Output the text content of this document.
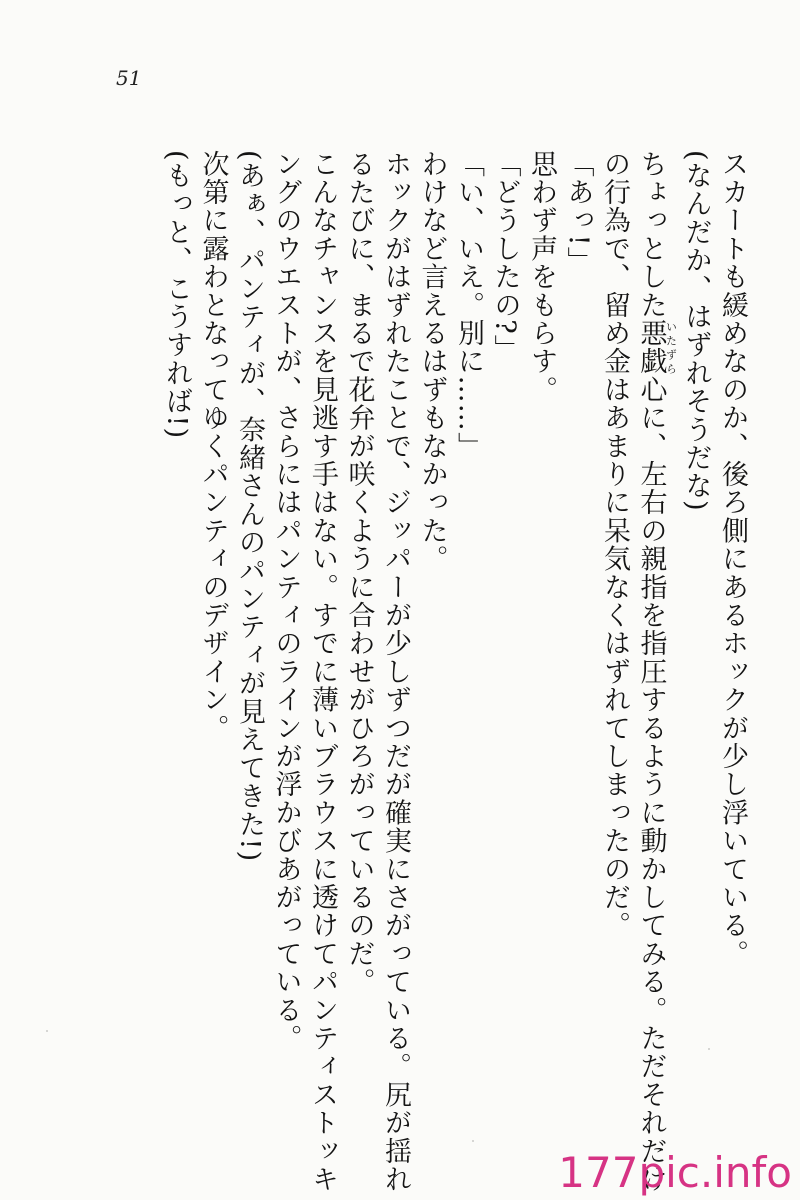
51
スカートも緩めなのか、後ろ側にあるホックが少し浮いている。
(なんだか、はずれそうだな)
ちょっとした悪戯いたずら心に、左右の親指を指圧するように動かしてみる。ただそれだけ
の行為で、留め金はあまりに呆気なくはずれてしまったのだ。
「あっ!」
思わず声をもらす。
「どうしたの?」
「い、いえ。別に……」
わけなど言えるはずもなかった。
ホックがはずれたことで、ジッパーが少しずつだが確実にさがっている。尻が揺れ
るたびに、まるで花弁が咲くように合わせがひろがっているのだ。
こんなチャンスを見逃す手はない。すでに薄いブラウスに透けてパンティストッキ
ングのウエストが、さらにはパンティのラインが浮かびあがっている。
(あぁ、パンティが、奈緒さんのパンティが見えてきた!)
次第に露わとなってゆくパンティのデザイン。
(もっと、こうすれば!)
177pic.info
